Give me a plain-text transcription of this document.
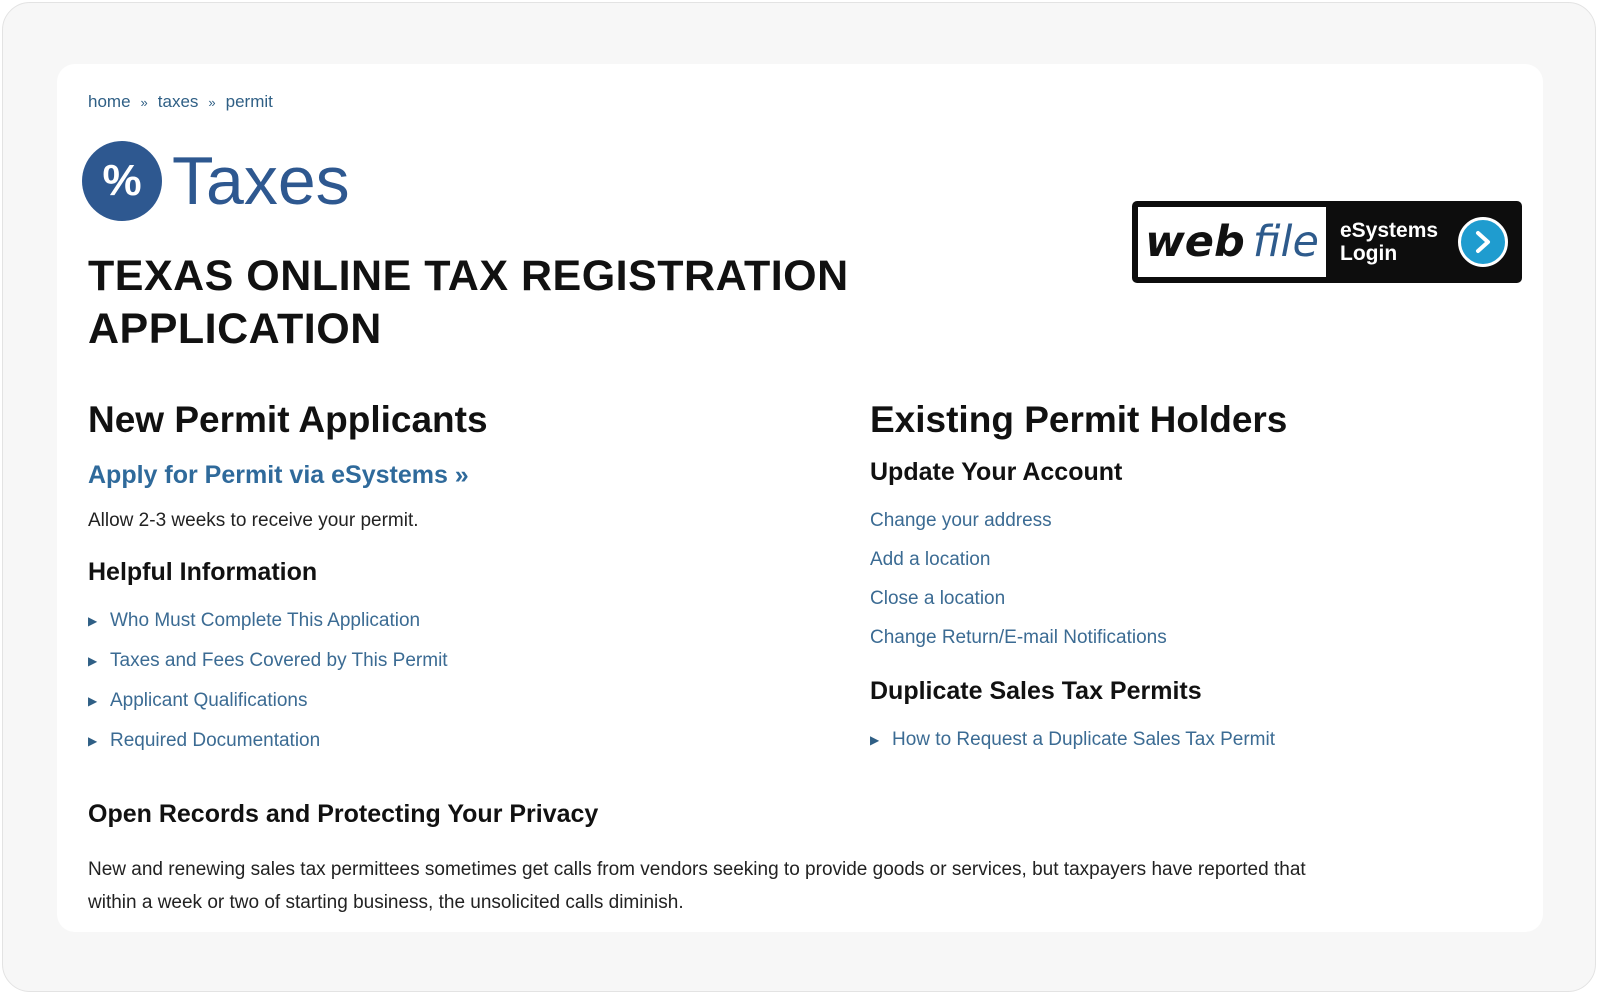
home » taxes » permit
% Taxes
TEXAS ONLINE TAX REGISTRATION APPLICATION
web file eSystems Login
New Permit Applicants
Apply for Permit via eSystems »
Allow 2-3 weeks to receive your permit.
Helpful Information
▶ Who Must Complete This Application
▶ Taxes and Fees Covered by This Permit
▶ Applicant Qualifications
▶ Required Documentation
Existing Permit Holders
Update Your Account
Change your address
Add a location
Close a location
Change Return/E-mail Notifications
Duplicate Sales Tax Permits
▶ How to Request a Duplicate Sales Tax Permit
Open Records and Protecting Your Privacy

New and renewing sales tax permittees sometimes get calls from vendors seeking to provide goods or services, but taxpayers have reported that within a week or two of starting business, the unsolicited calls diminish.
